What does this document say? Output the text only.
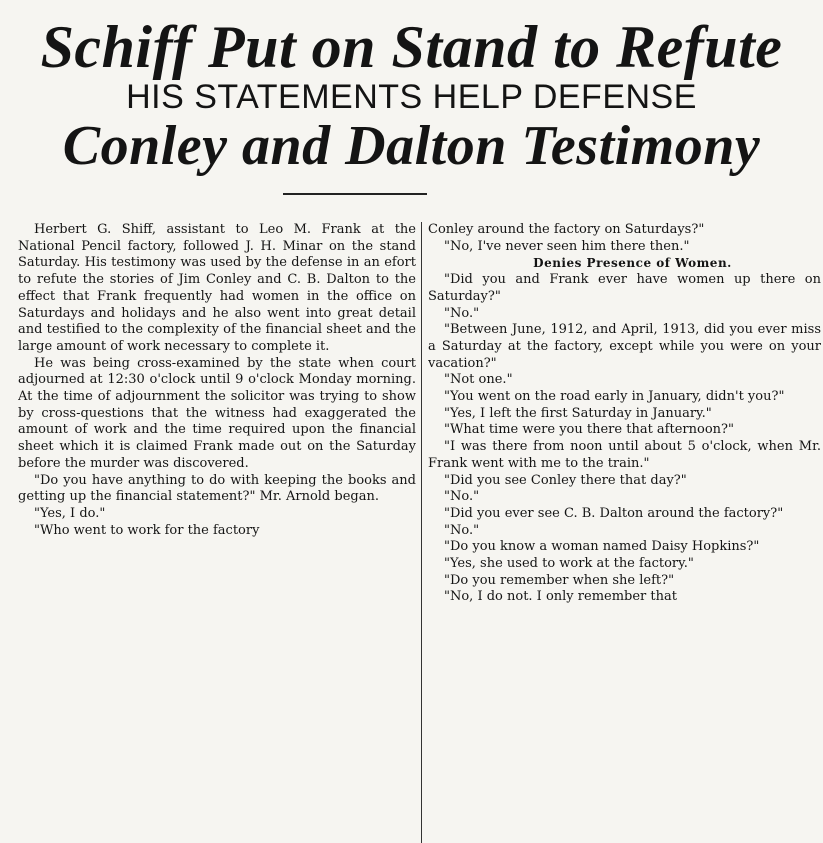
Schiff Put on Stand to Refute
HIS STATEMENTS HELP DEFENSE
Conley and Dalton Testimony

Herbert G. Shiff, assistant to Leo M. Frank at the National Pencil factory, followed J. H. Minar on the stand Saturday. His testimony was used by the defense in an efort to refute the stories of Jim Conley and C. B. Dalton to the effect that Frank frequently had women in the office on Saturdays and holidays and he also went into great detail and testified to the complexity of the financial sheet and the large amount of work necessary to complete it.

He was being cross-examined by the state when court adjourned at 12:30 o'clock until 9 o'clock Monday morning. At the time of adjournment the solicitor was trying to show by cross-questions that the witness had exaggerated the amount of work and the time required upon the financial sheet which it is claimed Frank made out on the Saturday before the murder was discovered.

"Do you have anything to do with keeping the books and getting up the financial statement?" Mr. Arnold began.

"Yes, I do."

"Who went to work for the factory

Conley around the factory on Saturdays?"

"No, I've never seen him there then."

Denies Presence of Women.

"Did you and Frank ever have women up there on Saturday?"

"No."

"Between June, 1912, and April, 1913, did you ever miss a Saturday at the factory, except while you were on your vacation?"

"Not one."

"You went on the road early in January, didn't you?"

"Yes, I left the first Saturday in January."

"What time were you there that afternoon?"

"I was there from noon until about 5 o'clock, when Mr. Frank went with me to the train."

"Did you see Conley there that day?"

"No."

"Did you ever see C. B. Dalton around the factory?"

"No."

"Do you know a woman named Daisy Hopkins?"

"Yes, she used to work at the factory."

"Do you remember when she left?"

"No, I do not. I only remember that
